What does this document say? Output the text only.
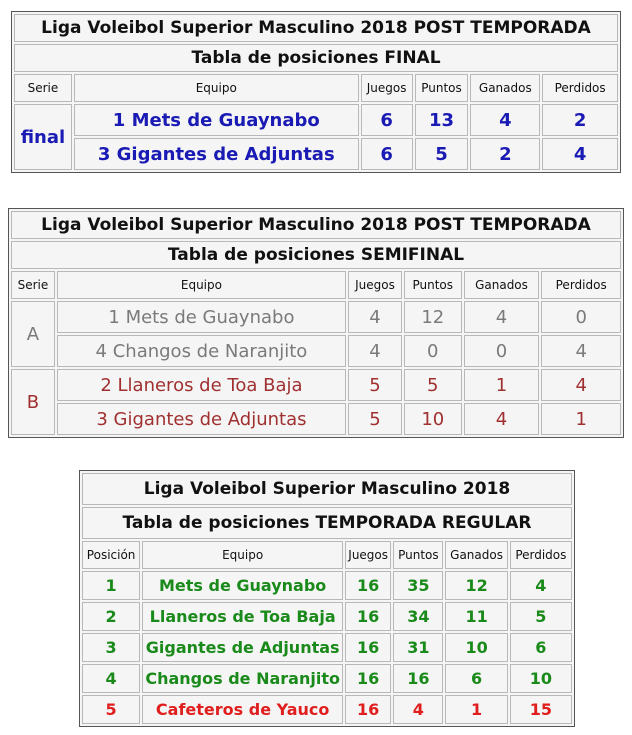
Liga Voleibol Superior Masculino 2018 POST TEMPORADA					
Tabla de posiciones FINAL					
Serie	Equipo	Juegos	Puntos	Ganados	Perdidos
final	1 Mets de Guaynabo	6	13	4	2
	3 Gigantes de Adjuntas	6	5	2	4
Liga Voleibol Superior Masculino 2018 POST TEMPORADA					
Tabla de posiciones SEMIFINAL					
Serie	Equipo	Juegos	Puntos	Ganados	Perdidos
A	1 Mets de Guaynabo	4	12	4	0
	4 Changos de Naranjito	4	0	0	4
B	2 Llaneros de Toa Baja	5	5	1	4
	3 Gigantes de Adjuntas	5	10	4	1
Liga Voleibol Superior Masculino 2018					
Tabla de posiciones TEMPORADA REGULAR					
Posición	Equipo	Juegos	Puntos	Ganados	Perdidos
1	Mets de Guaynabo	16	35	12	4
2	Llaneros de Toa Baja	16	34	11	5
3	Gigantes de Adjuntas	16	31	10	6
4	Changos de Naranjito	16	16	6	10
5	Cafeteros de Yauco	16	4	1	15
